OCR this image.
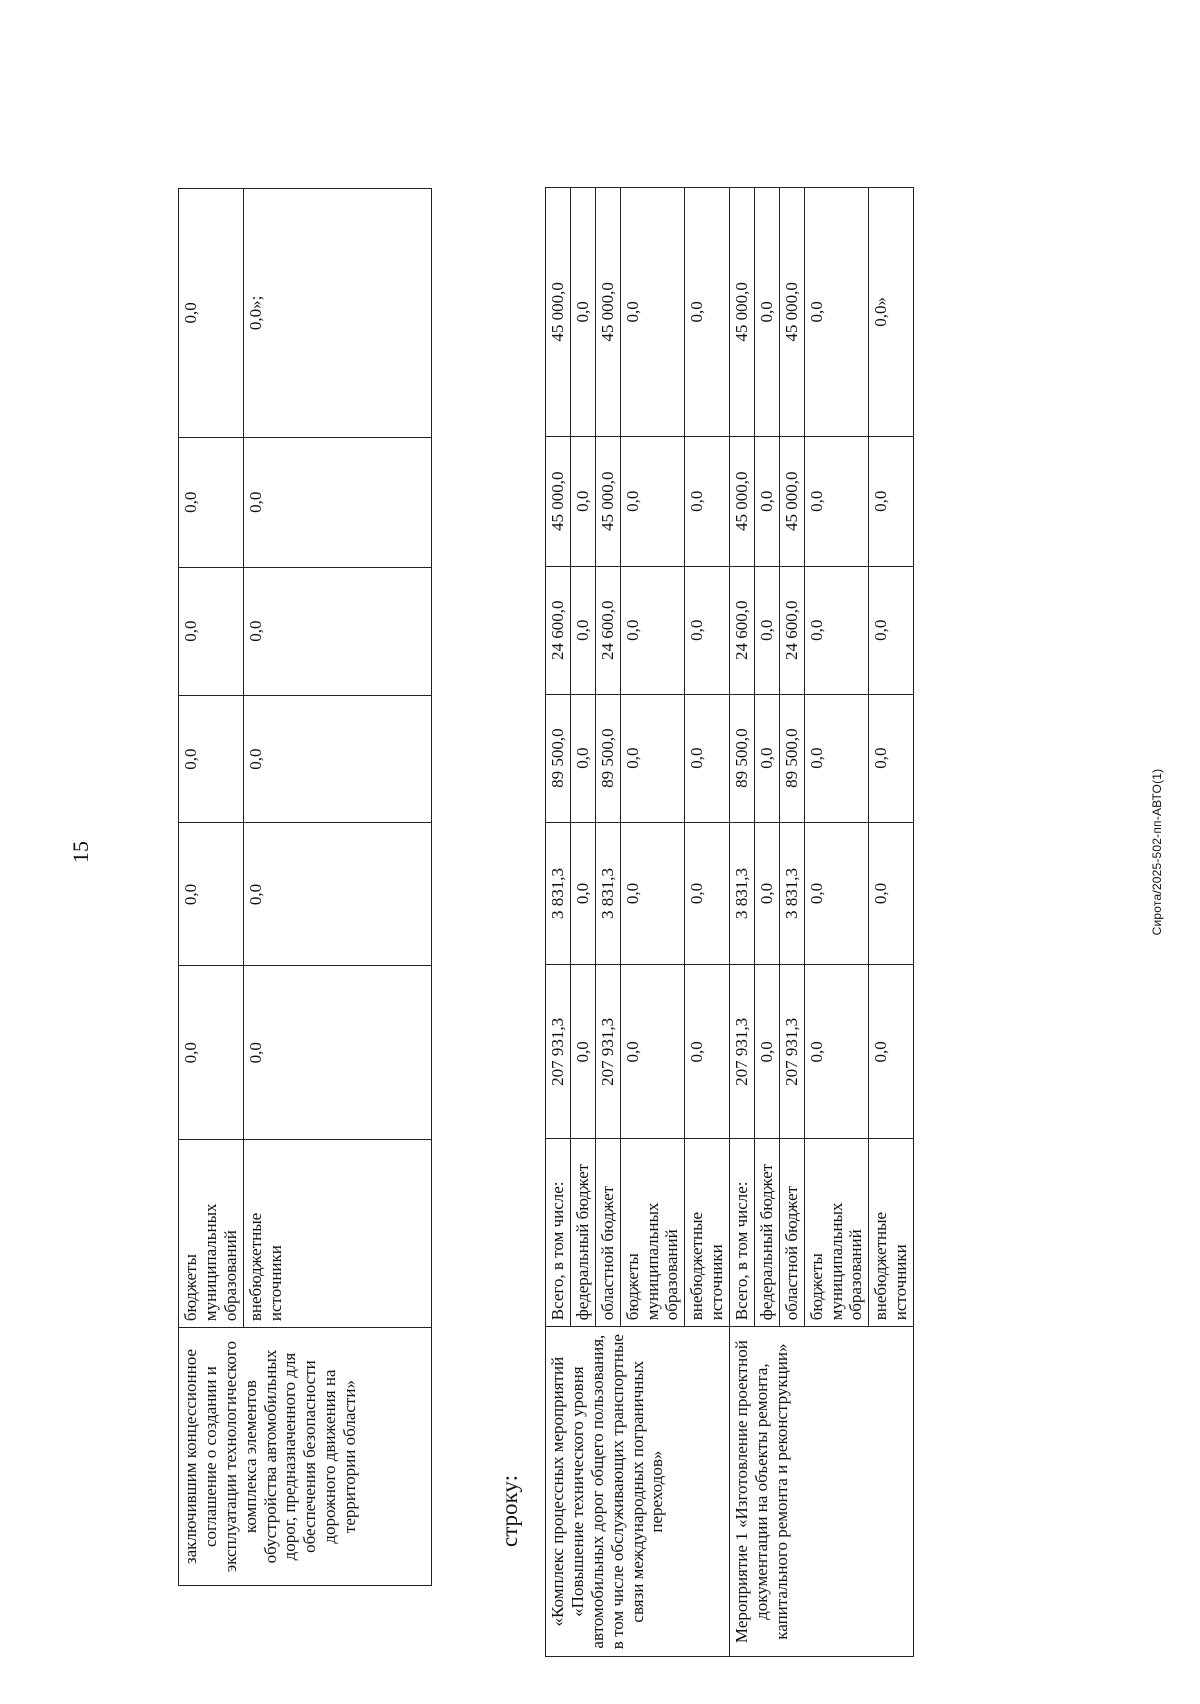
15
заключившим концессионное соглашение о создании и эксплуатации технологического комплекса элементов обустройства автомобильных дорог, предназначенного для обеспечения безопасности дорожного движения на территории области»	бюджеты муниципальных образований	0,0	0,0	0,0	0,0	0,0	0,0
	внебюджетные источники	0,0	0,0	0,0	0,0	0,0	0,0»;
строку: «Комплекс процессных мероприятий «Повышение технического уровня автомобильных дорог общего пользования, в том числе обслуживающих транспортные связи международных пограничных переходов»	Всего, в том числе:	207 931,3	3 831,3	89 500,0	24 600,0	45 000,0	45 000,0
	федеральный бюджет	0,0	0,0	0,0	0,0	0,0	0,0
	областной бюджет	207 931,3	3 831,3	89 500,0	24 600,0	45 000,0	45 000,0
	бюджеты муниципальных образований	0,0	0,0	0,0	0,0	0,0	0,0
	внебюджетные источники	0,0	0,0	0,0	0,0	0,0	0,0
Мероприятие 1 «Изготовление проектной документации на объекты ремонта, капитального ремонта и реконструкции»	Всего, в том числе:	207 931,3	3 831,3	89 500,0	24 600,0	45 000,0	45 000,0
	федеральный бюджет	0,0	0,0	0,0	0,0	0,0	0,0
	областной бюджет	207 931,3	3 831,3	89 500,0	24 600,0	45 000,0	45 000,0
	бюджеты муниципальных образований	0,0	0,0	0,0	0,0	0,0	0,0
	внебюджетные источники	0,0	0,0	0,0	0,0	0,0	0,0»
Сирота/2025-502-пп-АВТО(1)
